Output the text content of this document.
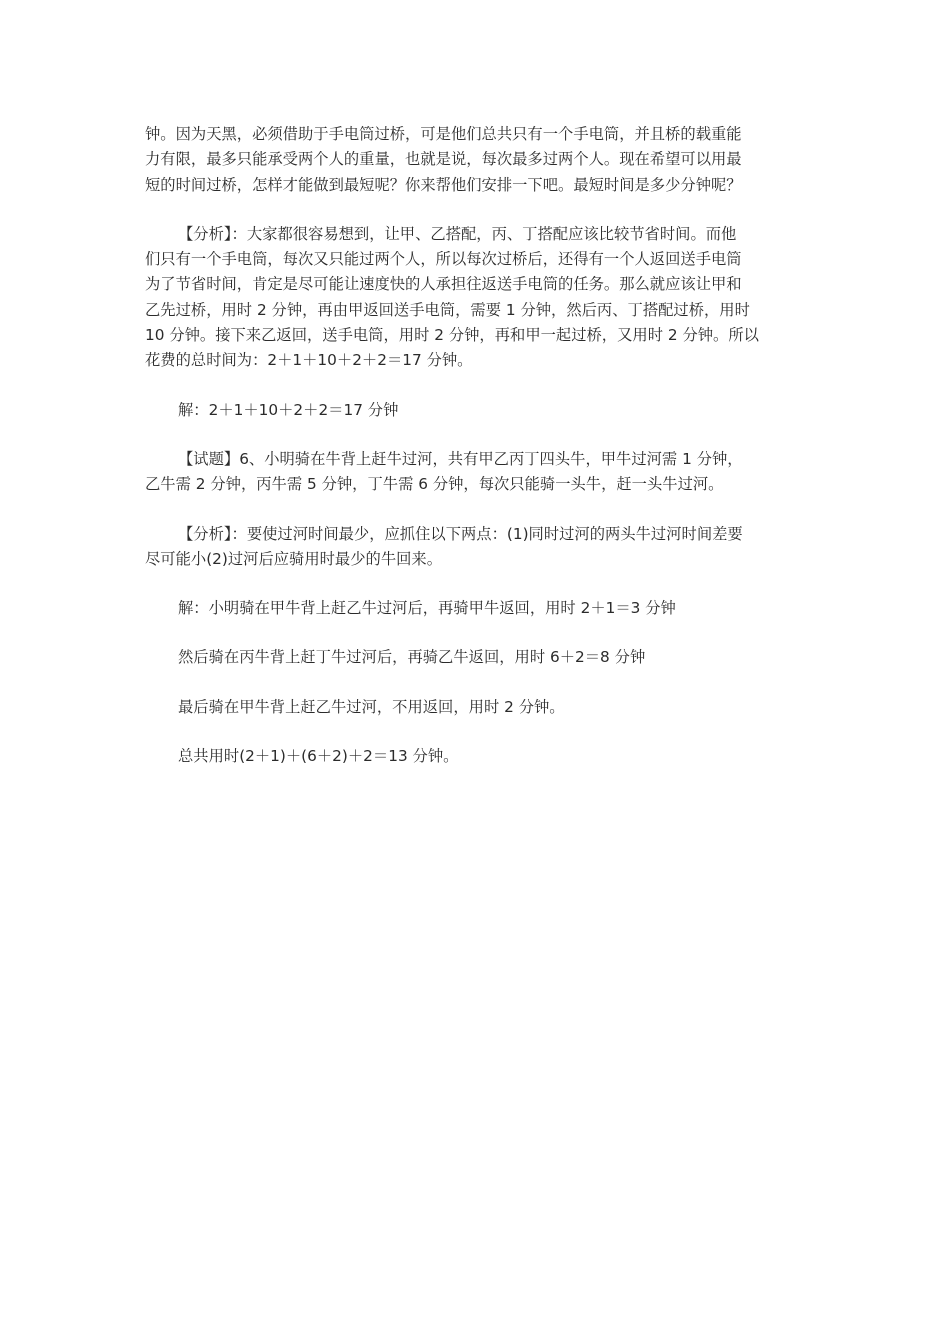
钟。因为天黑，必须借助于手电筒过桥，可是他们总共只有一个手电筒，并且桥的载重能
力有限，最多只能承受两个人的重量，也就是说，每次最多过两个人。现在希望可以用最
短的时间过桥，怎样才能做到最短呢？你来帮他们安排一下吧。最短时间是多少分钟呢？

【分析】：大家都很容易想到，让甲、乙搭配，丙、丁搭配应该比较节省时间。而他
们只有一个手电筒，每次又只能过两个人，所以每次过桥后，还得有一个人返回送手电筒
为了节省时间，肯定是尽可能让速度快的人承担往返送手电筒的任务。那么就应该让甲和
乙先过桥，用时 2 分钟，再由甲返回送手电筒，需要 1 分钟，然后丙、丁搭配过桥，用时
10 分钟。接下来乙返回，送手电筒，用时 2 分钟，再和甲一起过桥，又用时 2 分钟。所以
花费的总时间为：2＋1＋10＋2＋2＝17 分钟。

解：2＋1＋10＋2＋2＝17 分钟

【试题】6、小明骑在牛背上赶牛过河，共有甲乙丙丁四头牛，甲牛过河需 1 分钟，
乙牛需 2 分钟，丙牛需 5 分钟，丁牛需 6 分钟，每次只能骑一头牛，赶一头牛过河。

【分析】：要使过河时间最少，应抓住以下两点：(1)同时过河的两头牛过河时间差要
尽可能小(2)过河后应骑用时最少的牛回来。

解：小明骑在甲牛背上赶乙牛过河后，再骑甲牛返回，用时 2＋1＝3 分钟

然后骑在丙牛背上赶丁牛过河后，再骑乙牛返回，用时 6＋2＝8 分钟

最后骑在甲牛背上赶乙牛过河，不用返回，用时 2 分钟。

总共用时(2＋1)＋(6＋2)＋2＝13 分钟。
